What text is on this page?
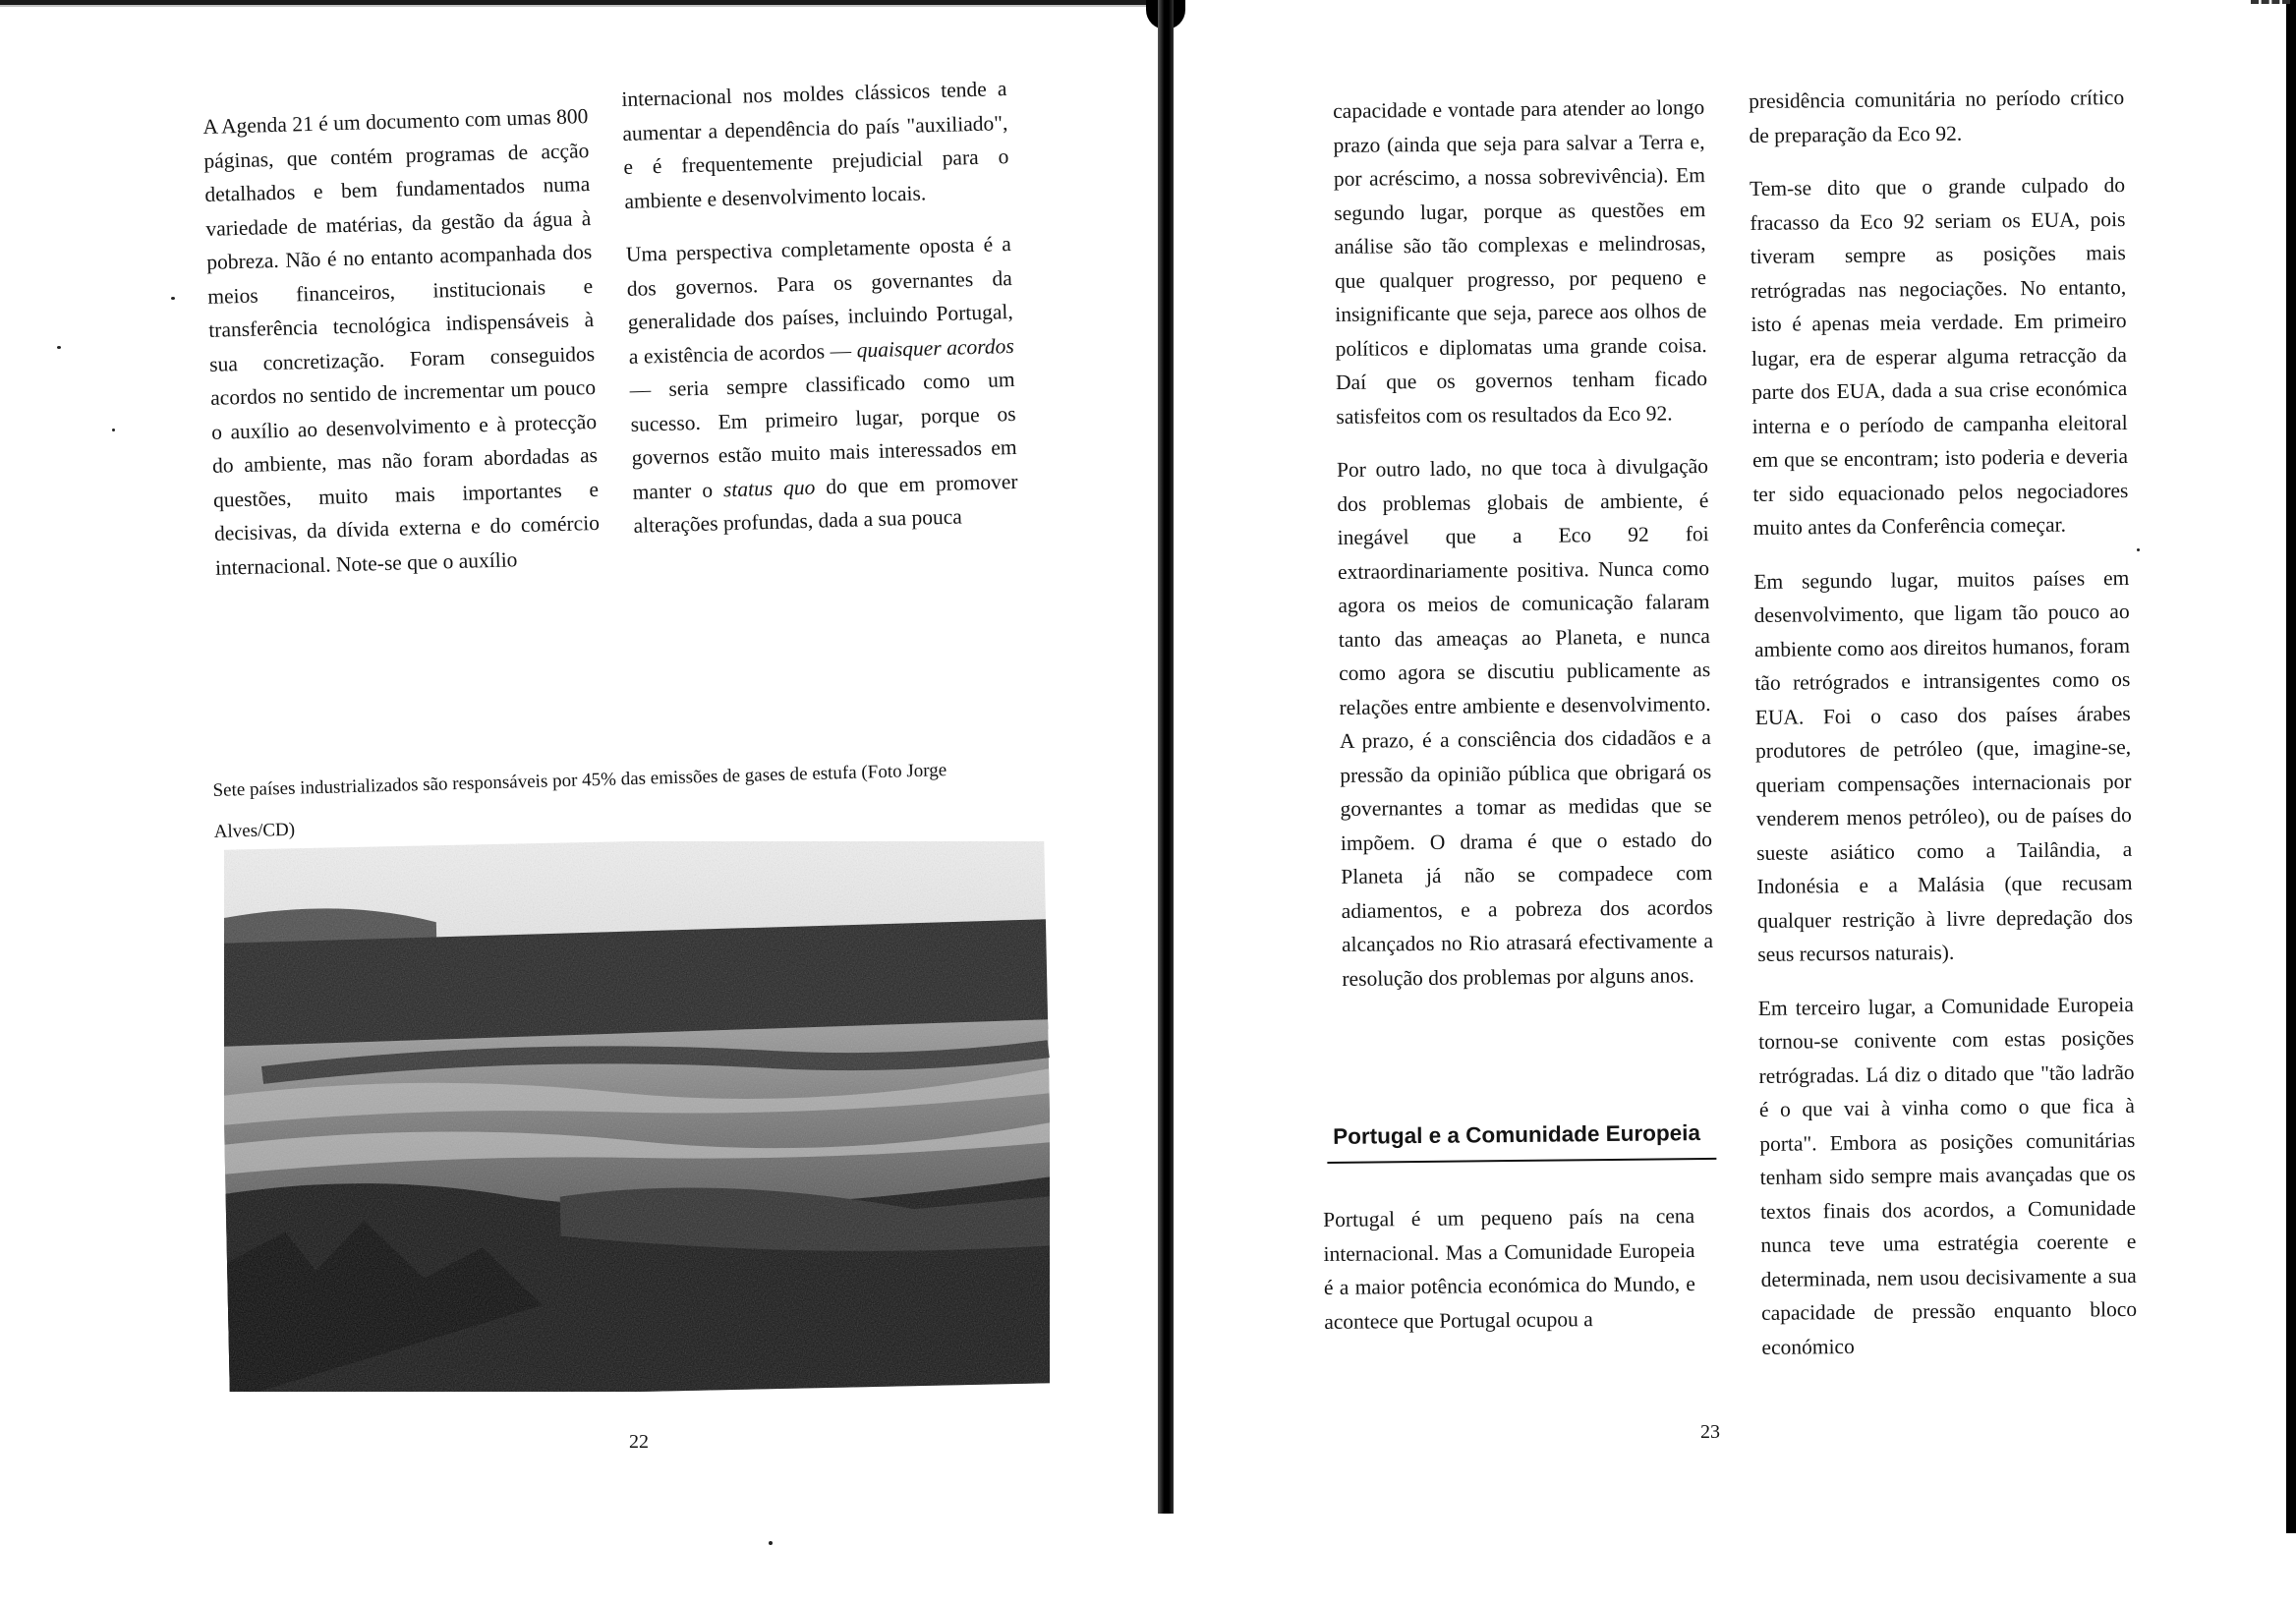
A Agenda 21 é um documento com umas 800 páginas, que contém programas de acção detalhados e bem fundamentados numa variedade de matérias, da gestão da água à pobreza. Não é no entanto acompanhada dos meios financeiros, institucionais e transferência tecnológica indispensáveis à sua concretização. Foram conseguidos acordos no sentido de incrementar um pouco o auxílio ao desenvolvimento e à protecção do ambiente, mas não foram abordadas as questões, muito mais importantes e decisivas, da dívida externa e do comércio internacional. Note-se que o auxílio

internacional nos moldes clássicos tende a aumentar a dependência do país "auxiliado", e é frequentemente prejudicial para o ambiente e desenvolvimento locais.

Uma perspectiva completamente oposta é a dos governos. Para os governantes da generalidade dos países, incluindo Portugal, a existência de acordos — quaisquer acordos — seria sempre classificado como um sucesso. Em primeiro lugar, porque os governos estão muito mais interessados em manter o status quo do que em promover alterações profundas, dada a sua pouca

Sete países industrializados são responsáveis por 45% das emissões de gases de estufa (Foto Jorge Alves/CD)
22

capacidade e vontade para atender ao longo prazo (ainda que seja para salvar a Terra e, por acréscimo, a nossa sobrevivência). Em segundo lugar, porque as questões em análise são tão complexas e melindrosas, que qualquer progresso, por pequeno e insignificante que seja, parece aos olhos de políticos e diplomatas uma grande coisa. Daí que os governos tenham ficado satisfeitos com os resultados da Eco 92.

Por outro lado, no que toca à divulgação dos problemas globais de ambiente, é inegável que a Eco 92 foi extraordinariamente positiva. Nunca como agora os meios de comunicação falaram tanto das ameaças ao Planeta, e nunca como agora se discutiu publicamente as relações entre ambiente e desenvolvimento. A prazo, é a consciência dos cidadãos e a pressão da opinião pública que obrigará os governantes a tomar as medidas que se impõem. O drama é que o estado do Planeta já não se compadece com adiamentos, e a pobreza dos acordos alcançados no Rio atrasará efectivamente a resolução dos problemas por alguns anos.

Portugal e a Comunidade Europeia

Portugal é um pequeno país na cena internacional. Mas a Comunidade Europeia é a maior potência económica do Mundo, e acontece que Portugal ocupou a

presidência comunitária no período crítico de preparação da Eco 92.

Tem-se dito que o grande culpado do fracasso da Eco 92 seriam os EUA, pois tiveram sempre as posições mais retrógradas nas negociações. No entanto, isto é apenas meia verdade. Em primeiro lugar, era de esperar alguma retracção da parte dos EUA, dada a sua crise económica interna e o período de campanha eleitoral em que se encontram; isto poderia e deveria ter sido equacionado pelos negociadores muito antes da Conferência começar.

Em segundo lugar, muitos países em desenvolvimento, que ligam tão pouco ao ambiente como aos direitos humanos, foram tão retrógrados e intransigentes como os EUA. Foi o caso dos países árabes produtores de petróleo (que, imagine-se, queriam compensações internacionais por venderem menos petróleo), ou de países do sueste asiático como a Tailândia, a Indonésia e a Malásia (que recusam qualquer restrição à livre depredação dos seus recursos naturais).

Em terceiro lugar, a Comunidade Europeia tornou-se conivente com estas posições retrógradas. Lá diz o ditado que "tão ladrão é o que vai à vinha como o que fica à porta". Embora as posições comunitárias tenham sido sempre mais avançadas que os textos finais dos acordos, a Comunidade nunca teve uma estratégia coerente e determinada, nem usou decisivamente a sua capacidade de pressão enquanto bloco económico

23
